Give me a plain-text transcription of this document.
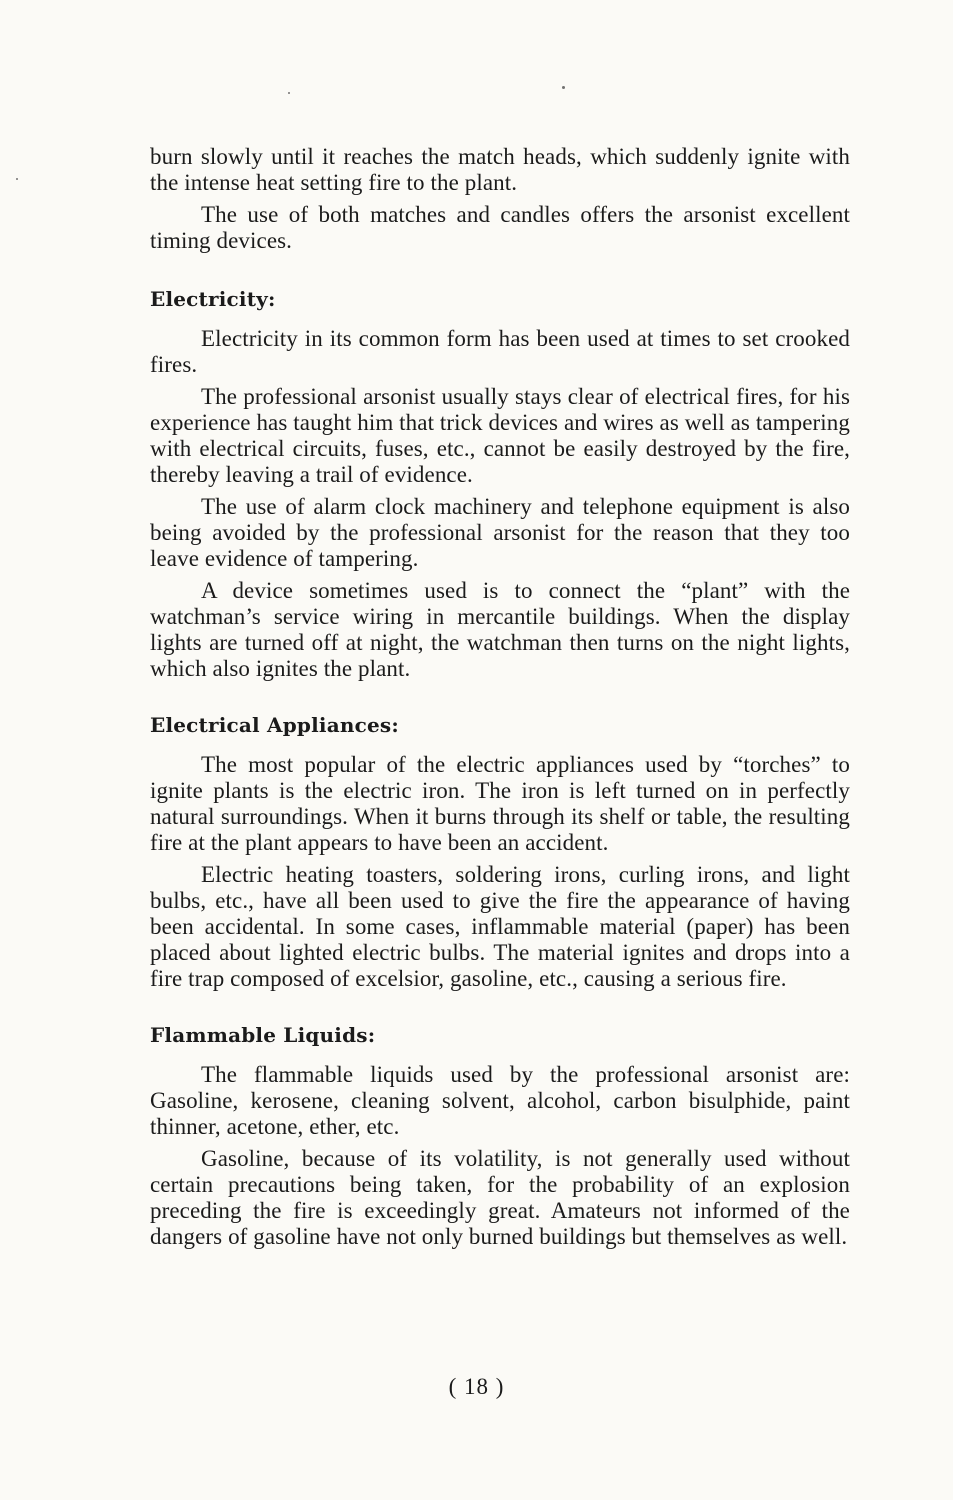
burn slowly until it reaches the match heads, which suddenly ignite with the intense heat setting fire to the plant.

The use of both matches and candles offers the arsonist excellent timing devices.

Electricity:

Electricity in its common form has been used at times to set crooked fires.

The professional arsonist usually stays clear of electrical fires, for his experience has taught him that trick devices and wires as well as tampering with electrical circuits, fuses, etc., cannot be easily destroyed by the fire, thereby leaving a trail of evidence.

The use of alarm clock machinery and telephone equipment is also being avoided by the professional arsonist for the reason that they too leave evidence of tampering.

A device sometimes used is to connect the “plant” with the watchman’s service wiring in mercantile buildings. When the display lights are turned off at night, the watchman then turns on the night lights, which also ignites the plant.

Electrical Appliances:

The most popular of the electric appliances used by “torches” to ignite plants is the electric iron. The iron is left turned on in perfectly natural surroundings. When it burns through its shelf or table, the resulting fire at the plant appears to have been an accident.

Electric heating toasters, soldering irons, curling irons, and light bulbs, etc., have all been used to give the fire the appearance of having been accidental. In some cases, inflammable material (paper) has been placed about lighted electric bulbs. The material ignites and drops into a fire trap composed of excelsior, gasoline, etc., causing a serious fire.

Flammable Liquids:

The flammable liquids used by the professional arsonist are: Gasoline, kerosene, cleaning solvent, alcohol, carbon bisulphide, paint thinner, acetone, ether, etc.

Gasoline, because of its volatility, is not generally used without certain precautions being taken, for the probability of an explosion preceding the fire is exceedingly great. Amateurs not informed of the dangers of gasoline have not only burned buildings but themselves as well.

( 18 )
